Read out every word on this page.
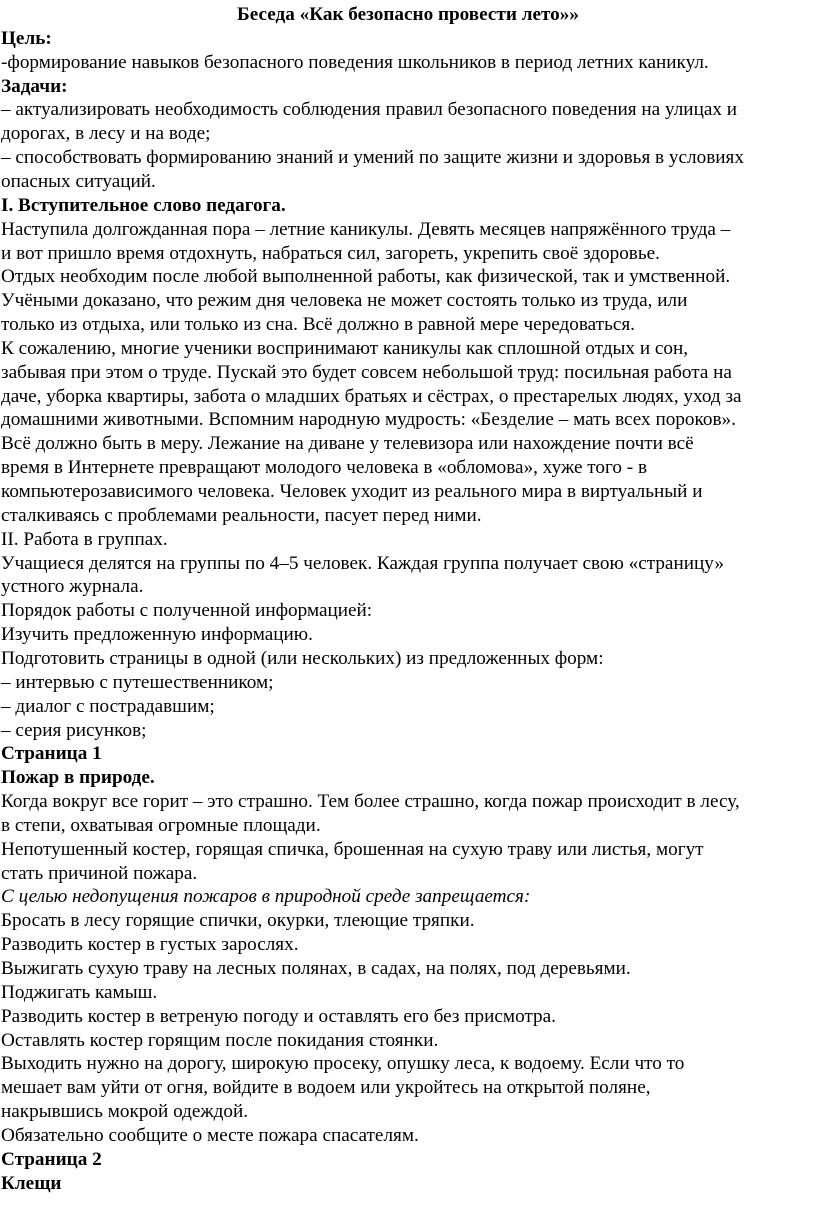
Беседа «Как безопасно провести лето»»
Цель:
-формирование навыков безопасного поведения школьников в период летних каникул.
Задачи:
– актуализировать необходимость соблюдения правил безопасного поведения на улицах и
дорогах, в лесу и на воде;
– способствовать формированию знаний и умений по защите жизни и здоровья в условиях
опасных ситуаций.
I. Вступительное слово педагога.
Наступила долгожданная пора – летние каникулы. Девять месяцев напряжённого труда –
и вот пришло время отдохнуть, набраться сил, загореть, укрепить своё здоровье.
Отдых необходим после любой выполненной работы, как физической, так и умственной.
Учёными доказано, что режим дня человека не может состоять только из труда, или
только из отдыха, или только из сна. Всё должно в равной мере чередоваться.
К сожалению, многие ученики воспринимают каникулы как сплошной отдых и сон,
забывая при этом о труде. Пускай это будет совсем небольшой труд: посильная работа на
даче, уборка квартиры, забота о младших братьях и сёстрах, о престарелых людях, уход за
домашними животными. Вспомним народную мудрость: «Безделие – мать всех пороков».
Всё должно быть в меру. Лежание на диване у телевизора или нахождение почти всё
время в Интернете превращают молодого человека в «обломова», хуже того - в
компьютерозависимого человека. Человек уходит из реального мира в виртуальный и
сталкиваясь с проблемами реальности, пасует перед ними.
II. Работа в группах.
Учащиеся делятся на группы по 4–5 человек. Каждая группа получает свою «страницу»
устного журнала.
Порядок работы с полученной информацией:
Изучить предложенную информацию.
Подготовить страницы в одной (или нескольких) из предложенных форм:
– интервью с путешественником;
– диалог с пострадавшим;
– серия рисунков;
Страница 1
Пожар в природе.
Когда вокруг все горит – это страшно. Тем более страшно, когда пожар происходит в лесу,
в степи, охватывая огромные площади.
Непотушенный костер, горящая спичка, брошенная на сухую траву или листья, могут
стать причиной пожара.
С целью недопущения пожаров в природной среде запрещается:
Бросать в лесу горящие спички, окурки, тлеющие тряпки.
Разводить костер в густых зарослях.
Выжигать сухую траву на лесных полянах, в садах, на полях, под деревьями.
Поджигать камыш.
Разводить костер в ветреную погоду и оставлять его без присмотра.
Оставлять костер горящим после покидания стоянки.
Выходить нужно на дорогу, широкую просеку, опушку леса, к водоему. Если что то
мешает вам уйти от огня, войдите в водоем или укройтесь на открытой поляне,
накрывшись мокрой одеждой.
Обязательно сообщите о месте пожара спасателям.
Страница 2
Клещи
